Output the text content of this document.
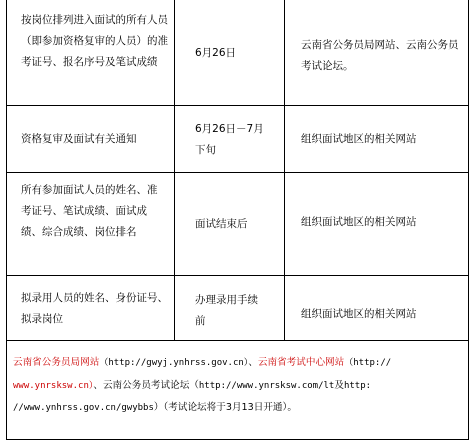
按岗位排列进入面试的所有人员（即参加资格复审的人员）的准考证号、报名序号及笔试成绩
6月26日
云南省公务员局网站、云南公务员考试论坛。
资格复审及面试有关通知
6月26日－7月下旬
组织面试地区的相关网站
所有参加面试人员的姓名、准考证号、笔试成绩、面试成绩、综合成绩、岗位排名
面试结束后	组织面试地区的相关网站
拟录用人员的姓名、身份证号、拟录岗位
办理录用手续前
组织面试地区的相关网站
云南省公务员局网站（http://gwyj.ynhrss.gov.cn）、云南省考试中心网站（http://
www.ynrsksw.cn）、云南公务员考试论坛（http://www.ynrsksw.com/lt及http:
//www.ynhrss.gov.cn/gwybbs）（考试论坛将于3月13日开通）。
